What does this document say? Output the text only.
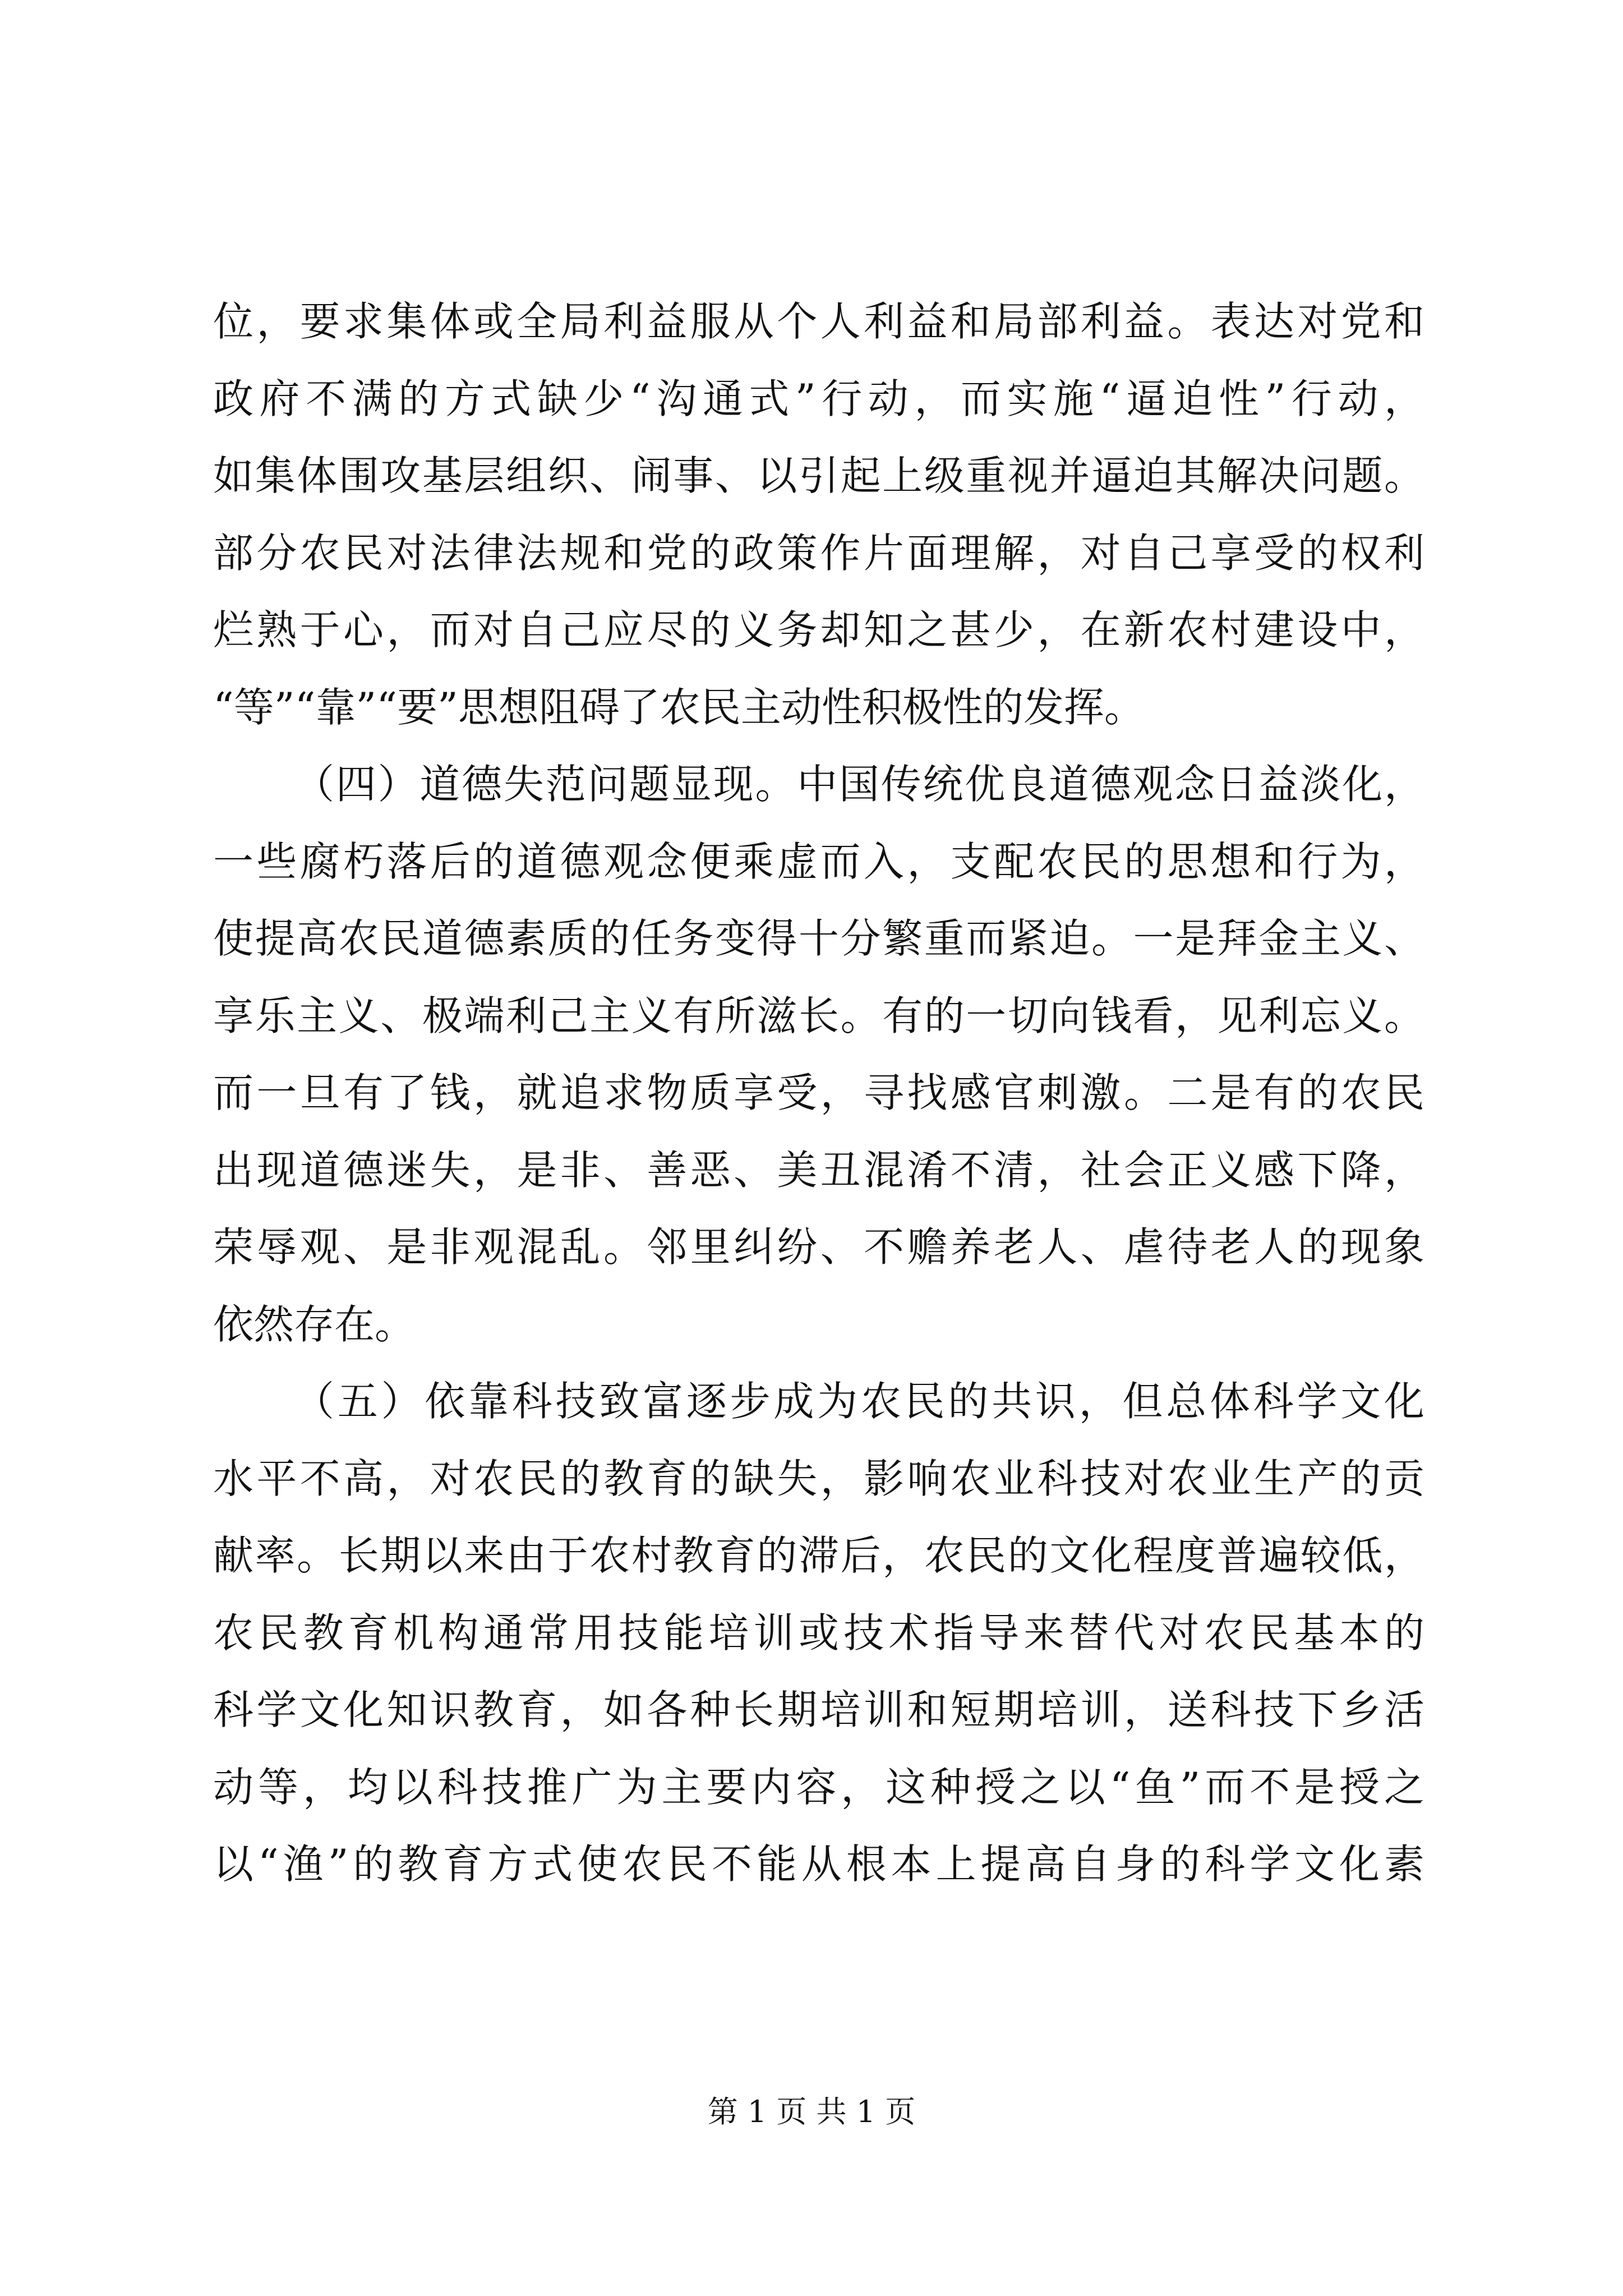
位，要求集体或全局利益服从个人利益和局部利益。表达对党和
政府不满的方式缺少“沟通式”行动，而实施“逼迫性”行动，
如集体围攻基层组织、闹事、以引起上级重视并逼迫其解决问题。
部分农民对法律法规和党的政策作片面理解，对自己享受的权利
烂熟于心，而对自己应尽的义务却知之甚少，在新农村建设中，
“等”“靠”“要”思想阻碍了农民主动性积极性的发挥。
（四）道德失范问题显现。中国传统优良道德观念日益淡化，
一些腐朽落后的道德观念便乘虚而入，支配农民的思想和行为，
使提高农民道德素质的任务变得十分繁重而紧迫。一是拜金主义、
享乐主义、极端利己主义有所滋长。有的一切向钱看，见利忘义。
而一旦有了钱，就追求物质享受，寻找感官刺激。二是有的农民
出现道德迷失，是非、善恶、美丑混淆不清，社会正义感下降，
荣辱观、是非观混乱。邻里纠纷、不赡养老人、虐待老人的现象
依然存在。
（五）依靠科技致富逐步成为农民的共识，但总体科学文化
水平不高，对农民的教育的缺失，影响农业科技对农业生产的贡
献率。长期以来由于农村教育的滞后，农民的文化程度普遍较低，
农民教育机构通常用技能培训或技术指导来替代对农民基本的
科学文化知识教育，如各种长期培训和短期培训，送科技下乡活
动等，均以科技推广为主要内容，这种授之以“鱼”而不是授之
以“渔”的教育方式使农民不能从根本上提高自身的科学文化素
第 1 页 共 1 页
